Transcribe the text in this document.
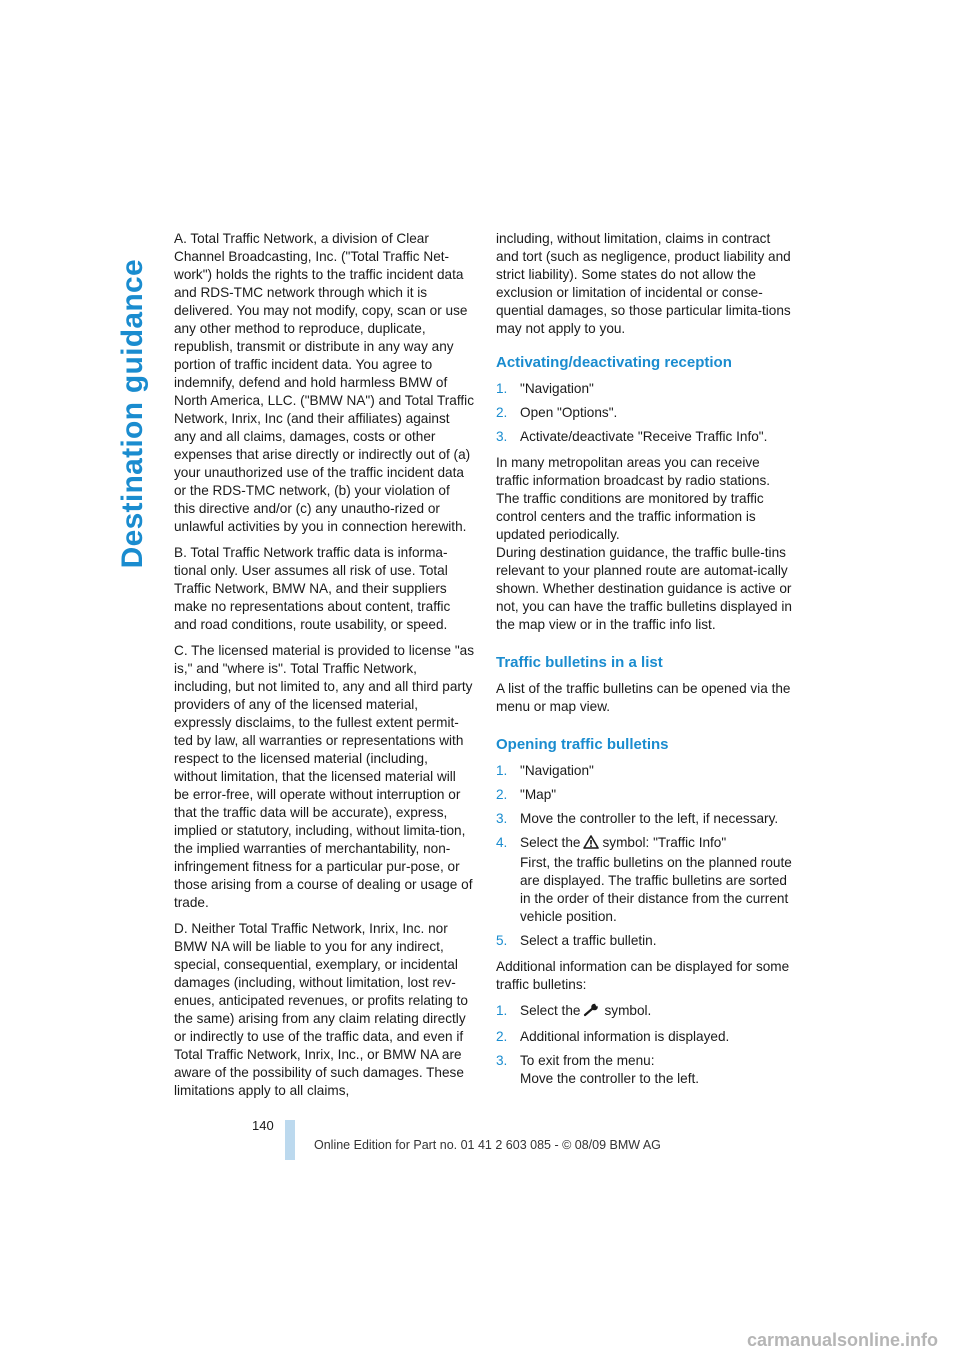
Destination guidance

A. Total Traffic Network, a division of Clear Channel Broadcasting, Inc. ("Total Traffic Net-work") holds the rights to the traffic incident data and RDS-TMC network through which it is delivered. You may not modify, copy, scan or use any other method to reproduce, duplicate, republish, transmit or distribute in any way any portion of traffic incident data. You agree to indemnify, defend and hold harmless BMW of North America, LLC. ("BMW NA") and Total Traffic Network, Inrix, Inc (and their affiliates) against any and all claims, damages, costs or other expenses that arise directly or indirectly out of (a) your unauthorized use of the traffic incident data or the RDS-TMC network, (b) your violation of this directive and/or (c) any unautho-rized or unlawful activities by you in connection herewith.

B. Total Traffic Network traffic data is informa-tional only. User assumes all risk of use. Total Traffic Network, BMW NA, and their suppliers make no representations about content, traffic and road conditions, route usability, or speed.

C. The licensed material is provided to license "as is," and "where is". Total Traffic Network, including, but not limited to, any and all third party providers of any of the licensed material, expressly disclaims, to the fullest extent permit-ted by law, all warranties or representations with respect to the licensed material (including, without limitation, that the licensed material will be error-free, will operate without interruption or that the traffic data will be accurate), express, implied or statutory, including, without limita-tion, the implied warranties of merchantability, non-infringement fitness for a particular pur-pose, or those arising from a course of dealing or usage of trade.

D. Neither Total Traffic Network, Inrix, Inc. nor BMW NA will be liable to you for any indirect, special, consequential, exemplary, or incidental damages (including, without limitation, lost rev-enues, anticipated revenues, or profits relating to the same) arising from any claim relating directly or indirectly to use of the traffic data, and even if Total Traffic Network, Inrix, Inc., or BMW NA are aware of the possibility of such damages. These limitations apply to all claims,

including, without limitation, claims in contract and tort (such as negligence, product liability and strict liability). Some states do not allow the exclusion or limitation of incidental or conse-quential damages, so those particular limita-tions may not apply to you.

Activating/deactivating reception
1. "Navigation"
2. Open "Options".
3. Activate/deactivate "Receive Traffic Info".

In many metropolitan areas you can receive traffic information broadcast by radio stations. The traffic conditions are monitored by traffic control centers and the traffic information is updated periodically.

During destination guidance, the traffic bulle-tins relevant to your planned route are automat-ically shown. Whether destination guidance is active or not, you can have the traffic bulletins displayed in the map view or in the traffic info list.

Traffic bulletins in a list

A list of the traffic bulletins can be opened via the menu or map view.

Opening traffic bulletins
1. "Navigation"
2. "Map"
3. Move the controller to the left, if necessary.
4. Select the symbol: "Traffic Info"
First, the traffic bulletins on the planned route are displayed. The traffic bulletins are sorted in the order of their distance from the current vehicle position.
5. Select a traffic bulletin.

Additional information can be displayed for some traffic bulletins:

1. Select the symbol.
2. Additional information is displayed.
3. To exit from the menu:
Move the controller to the left.
140
Online Edition for Part no. 01 41 2 603 085 - © 08/09 BMW AG
carmanualsonline.info
